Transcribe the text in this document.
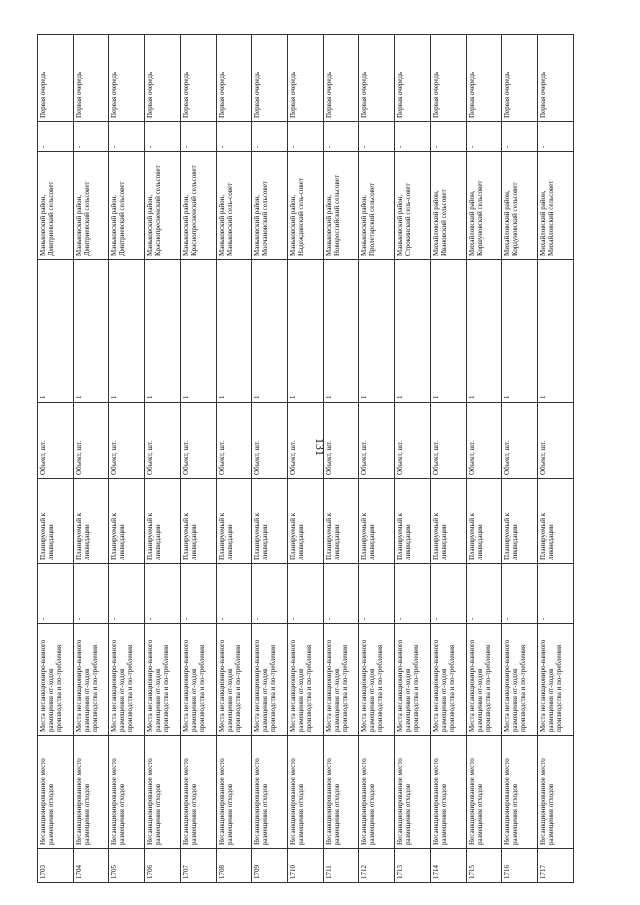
131
1703	Несанкционированное место размещения отходов	Места несанкциониро-ванного размещения от-ходов производства и по-требления	-	Планируемый к ликвидации	Объект, шт.	1	Маньковский район, Дмитриевский сельсовет	-	Первая очередь
1704	Несанкционированное место размещения отходов	Места несанкциониро-ванного размещения от-ходов производства и по-требления	-	Планируемый к ликвидации	Объект, шт.	1	Маньковский район, Дмитриевский сельсовет	-	Первая очередь
1705	Несанкционированное место размещения отходов	Места несанкциониро-ванного размещения от-ходов производства и по-требления	-	Планируемый к ликвидации	Объект, шт.	1	Маньковский район, Дмитриевский сельсовет	-	Первая очередь
1706	Несанкционированное место размещения отходов	Места несанкциониро-ванного размещения от-ходов производства и по-требления	-	Планируемый к ликвидации	Объект, шт.	1	Маньковский район, Краснопресненский сельсовет	-	Первая очередь
1707	Несанкционированное место размещения отходов	Места несанкциониро-ванного размещения от-ходов производства и по-требления	-	Планируемый к ликвидации	Объект, шт.	1	Маньковский район, Краснопресненский сельсовет	-	Первая очередь
1708	Несанкционированное место размещения отходов	Места несанкциониро-ванного размещения от-ходов производства и по-требления	-	Планируемый к ликвидации	Объект, шт.	1	Маньковский район, Маньковский сель-совет	-	Первая очередь
1709	Несанкционированное место размещения отходов	Места несанкциониро-ванного размещения от-ходов производства и по-требления	-	Планируемый к ликвидации	Объект, шт.	1	Маньковский район, Молчановский сельсовет	-	Первая очередь
1710	Несанкционированное место размещения отходов	Места несанкциониро-ванного размещения от-ходов производства и по-требления	-	Планируемый к ликвидации	Объект, шт.	1	Маньковский район, Надеждинский сель-совет	-	Первая очередь
1711	Несанкционированное место размещения отходов	Места несанкциониро-ванного размещения от-ходов производства и по-требления	-	Планируемый к ликвидации	Объект, шт.	1	Маньковский район, Новороссийский сельсовет	-	Первая очередь
1712	Несанкционированное место размещения отходов	Места несанкциониро-ванного размещения от-ходов производства и по-требления	-	Планируемый к ликвидации	Объект, шт.	1	Маньковский район, Пролетарский сельсовет	-	Первая очередь
1713	Несанкционированное место размещения отходов	Места несанкциониро-ванного размещения от-ходов производства и по-требления	-	Планируемый к ликвидации	Объект, шт.	1	Маньковский район, Строкинский сель-совет	-	Первая очередь
1714	Несанкционированное место размещения отходов	Места несанкциониро-ванного размещения от-ходов производства и по-требления	-	Планируемый к ликвидации	Объект, шт.	1	Михайловский район, Ивановский сельсовет	-	Первая очередь
1715	Несанкционированное место размещения отходов	Места несанкциониро-ванного размещения от-ходов производства и по-требления	-	Планируемый к ликвидации	Объект, шт.	1	Михайловский район, Коршуновский сельсовет	-	Первая очередь
1716	Несанкционированное место размещения отходов	Места несанкциониро-ванного размещения от-ходов производства и по-требления	-	Планируемый к ликвидации	Объект, шт.	1	Михайловский район, Кордуновский сельсовет	-	Первая очередь
1717	Несанкционированное место размещения отходов	Места несанкциониро-ванного размещения от-ходов производства и по-требления	-	Планируемый к ликвидации	Объект, шт.	1	Михайловский район, Михайловский сельсовет	-	Первая очередь
